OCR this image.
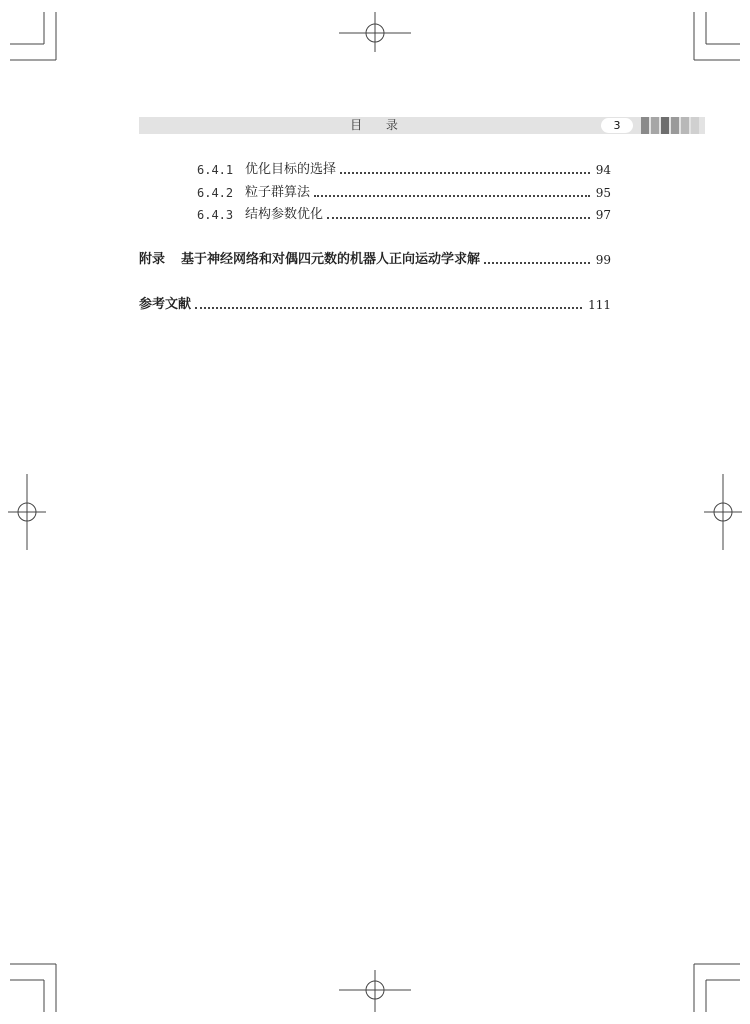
目 录	3
6.4.1 优化目标的选择	94
6.4.2 粒子群算法	95
6.4.3 结构参数优化	97
附录	基于神经网络和对偶四元数的机器人正向运动学求解	99
参考文献	111
